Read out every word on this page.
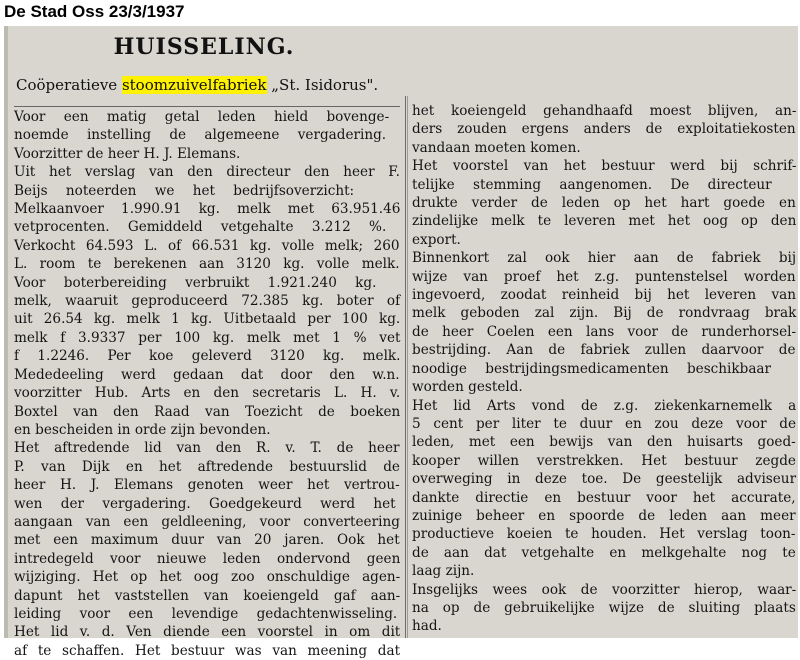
De Stad Oss 23/3/1937
HUISSELING.
Coöperatieve stoomzuivelfabriek „St. Isidorus".
Voor een matig getal leden hield bovenge-
noemde instelling de algemeene vergadering.
Voorzitter de heer H. J. Elemans.
Uit het verslag van den directeur den heer F.
Beijs noteerden we het bedrijfsoverzicht:
Melkaanvoer 1.990.91 kg. melk met 63.951.46
vetprocenten. Gemiddeld vetgehalte 3.212 %.
Verkocht 64.593 L. of 66.531 kg. volle melk; 260
L. room te berekenen aan 3120 kg. volle melk.
Voor boterbereiding verbruikt 1.921.240 kg.
melk, waaruit geproduceerd 72.385 kg. boter of
uit 26.54 kg. melk 1 kg. Uitbetaald per 100 kg.
melk f 3.9337 per 100 kg. melk met 1 % vet
f 1.2246. Per koe geleverd 3120 kg. melk.
Mededeeling werd gedaan dat door den w.n.
voorzitter Hub. Arts en den secretaris L. H. v.
Boxtel van den Raad van Toezicht de boeken
en bescheiden in orde zijn bevonden.
Het aftredende lid van den R. v. T. de heer
P. van Dijk en het aftredende bestuurslid de
heer H. J. Elemans genoten weer het vertrou-
wen der vergadering. Goedgekeurd werd het
aangaan van een geldleening, voor converteering
met een maximum duur van 20 jaren. Ook het
intredegeld voor nieuwe leden ondervond geen
wijziging. Het op het oog zoo onschuldige agen-
dapunt het vaststellen van koeiengeld gaf aan-
leiding voor een levendige gedachtenwisseling.
Het lid v. d. Ven diende een voorstel in om dit
af te schaffen. Het bestuur was van meening dat
het koeiengeld gehandhaafd moest blijven, an-
ders zouden ergens anders de exploitatiekosten
vandaan moeten komen.
Het voorstel van het bestuur werd bij schrif-
telijke stemming aangenomen. De directeur
drukte verder de leden op het hart goede en
zindelijke melk te leveren met het oog op den
export.
Binnenkort zal ook hier aan de fabriek bij
wijze van proef het z.g. puntenstelsel worden
ingevoerd, zoodat reinheid bij het leveren van
melk geboden zal zijn. Bij de rondvraag brak
de heer Coelen een lans voor de runderhorsel-
bestrijding. Aan de fabriek zullen daarvoor de
noodige bestrijdingsmedicamenten beschikbaar
worden gesteld.
Het lid Arts vond de z.g. ziekenkarnemelk a
5 cent per liter te duur en zou deze voor de
leden, met een bewijs van den huisarts goed-
kooper willen verstrekken. Het bestuur zegde
overweging in deze toe. De geestelijk adviseur
dankte directie en bestuur voor het accurate,
zuinige beheer en spoorde de leden aan meer
productieve koeien te houden. Het verslag toon-
de aan dat vetgehalte en melkgehalte nog te
laag zijn.
Insgelijks wees ook de voorzitter hierop, waar-
na op de gebruikelijke wijze de sluiting plaats
had.
